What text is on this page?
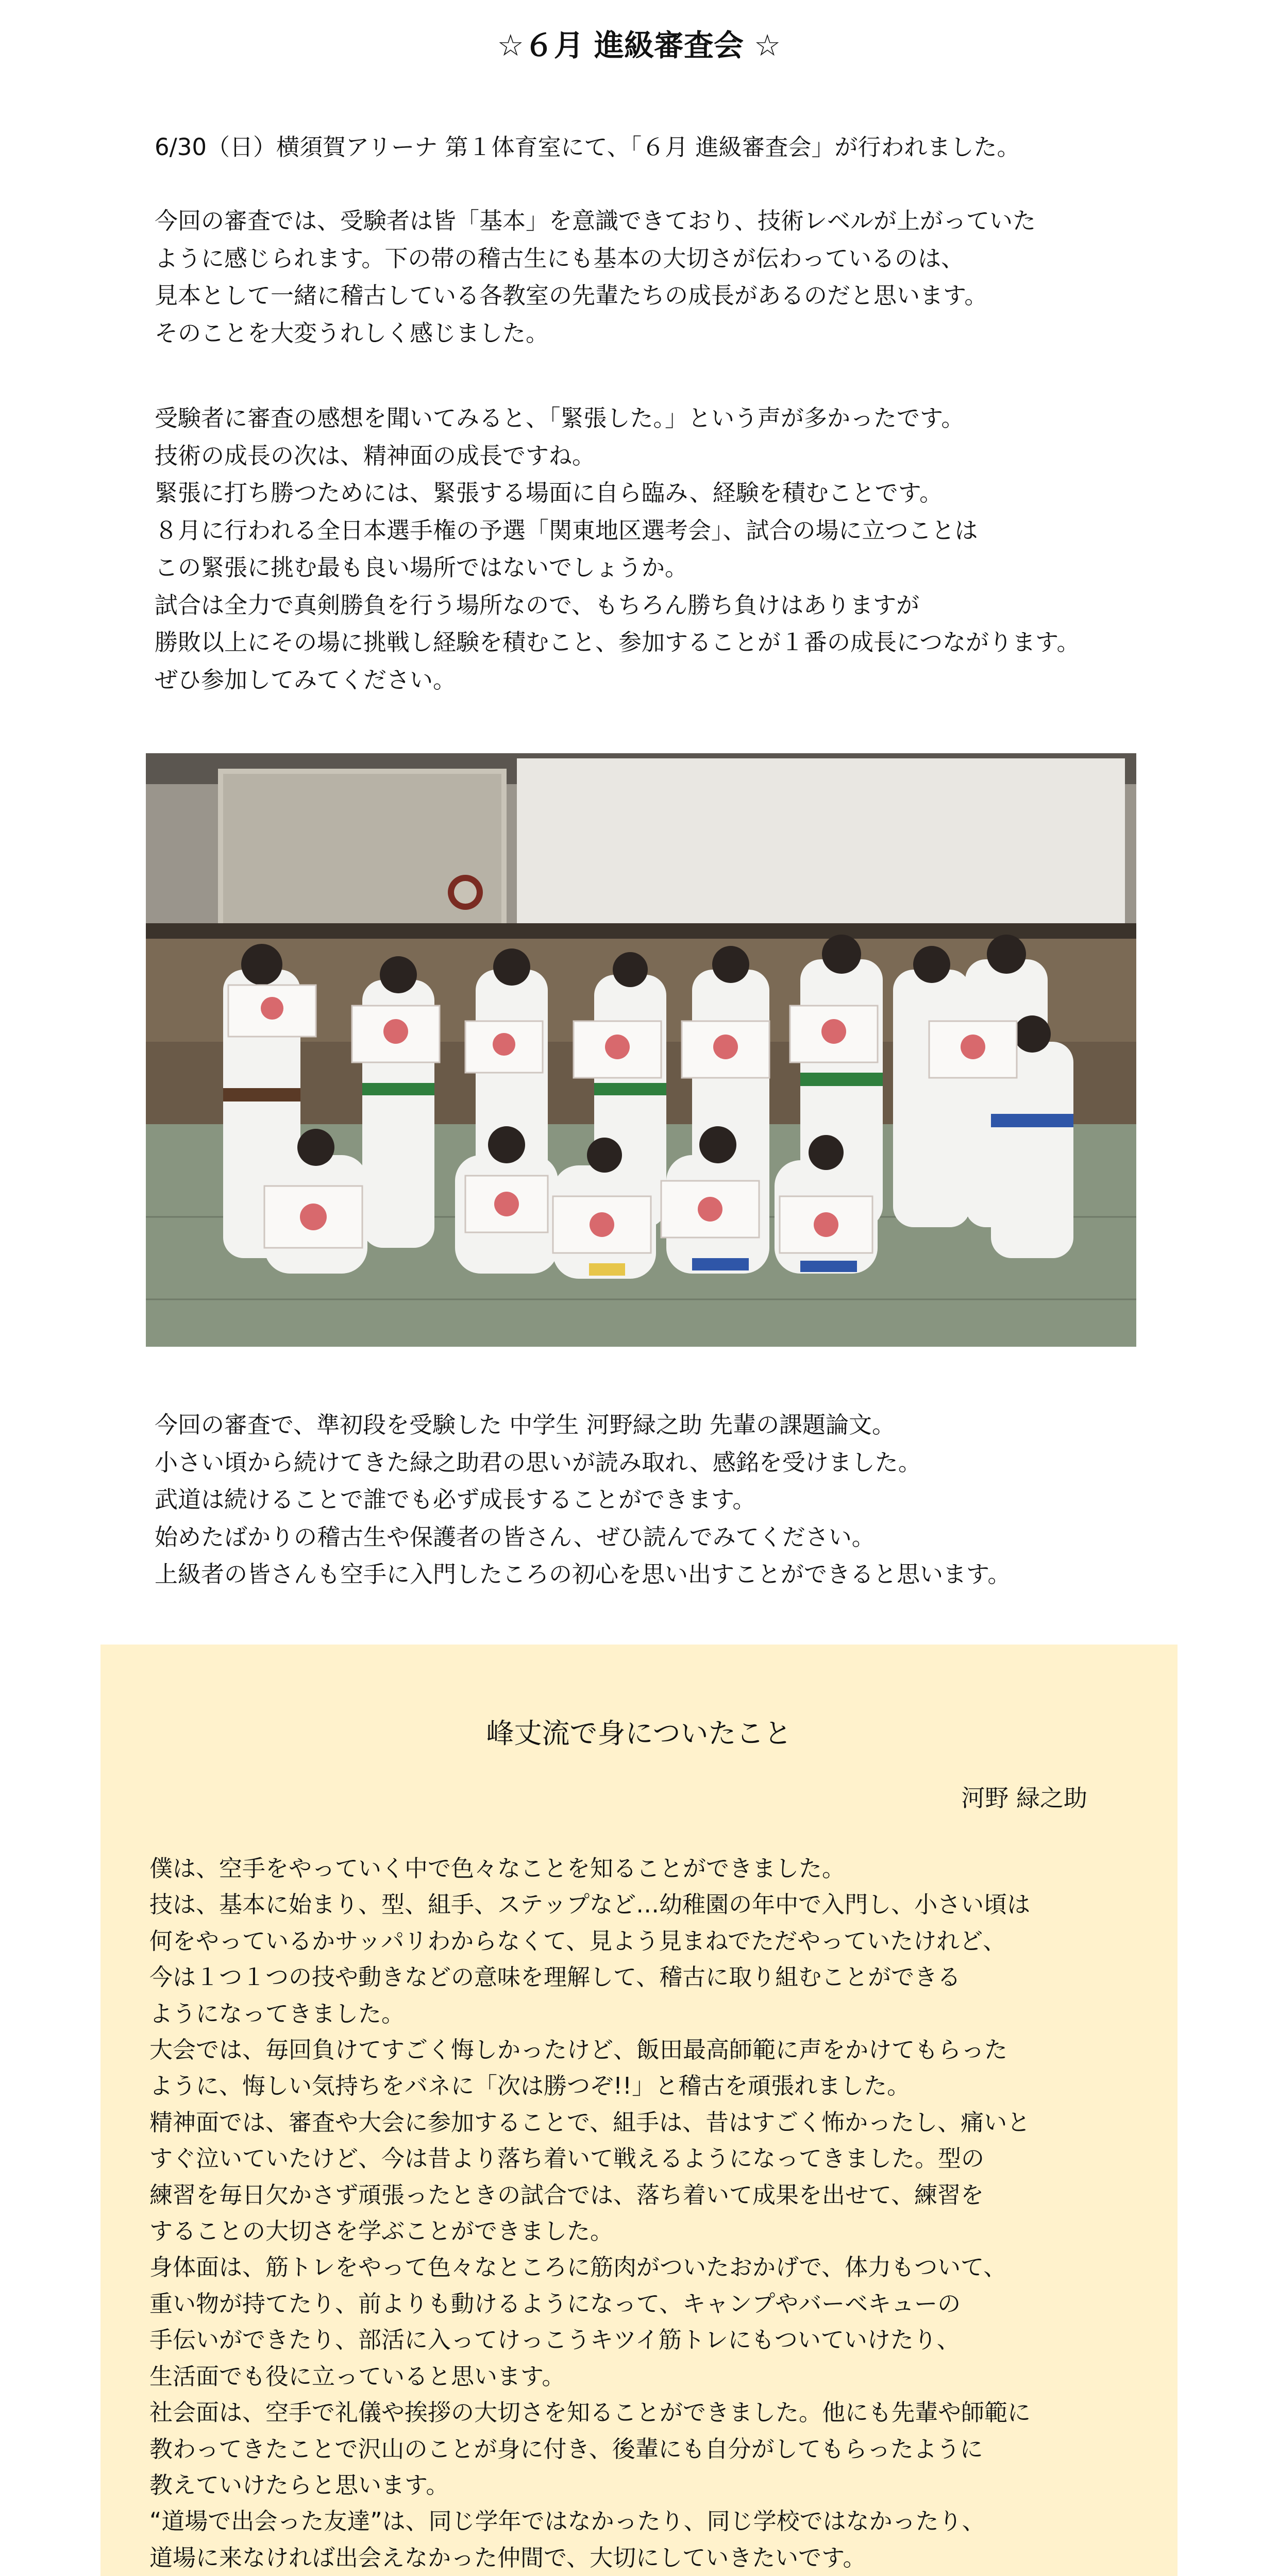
☆６月 進級審査会 ☆
6/30（日）横須賀アリーナ 第１体育室にて、「６月 進級審査会」が行われました。
今回の審査では、受験者は皆「基本」を意識できており、技術レベルが上がっていた
ように感じられます。下の帯の稽古生にも基本の大切さが伝わっているのは、
見本として一緒に稽古している各教室の先輩たちの成長があるのだと思います。
そのことを大変うれしく感じました。
受験者に審査の感想を聞いてみると、「緊張した。」という声が多かったです。
技術の成長の次は、精神面の成長ですね。
緊張に打ち勝つためには、緊張する場面に自ら臨み、経験を積むことです。
８月に行われる全日本選手権の予選「関東地区選考会」、試合の場に立つことは
この緊張に挑む最も良い場所ではないでしょうか。
試合は全力で真剣勝負を行う場所なので、もちろん勝ち負けはありますが
勝敗以上にその場に挑戦し経験を積むこと、参加することが１番の成長につながります。
ぜひ参加してみてください。
今回の審査で、準初段を受験した 中学生 河野緑之助 先輩の課題論文。
小さい頃から続けてきた緑之助君の思いが読み取れ、感銘を受けました。
武道は続けることで誰でも必ず成長することができます。
始めたばかりの稽古生や保護者の皆さん、ぜひ読んでみてください。
上級者の皆さんも空手に入門したころの初心を思い出すことができると思います。
峰丈流で身についたこと
河野 緑之助
僕は、空手をやっていく中で色々なことを知ることができました。
技は、基本に始まり、型、組手、ステップなど…幼稚園の年中で入門し、小さい頃は
何をやっているかサッパリわからなくて、見よう見まねでただやっていたけれど、
今は１つ１つの技や動きなどの意味を理解して、稽古に取り組むことができる
ようになってきました。
大会では、毎回負けてすごく悔しかったけど、飯田最高師範に声をかけてもらった
ように、悔しい気持ちをバネに「次は勝つぞ!!」と稽古を頑張れました。
精神面では、審査や大会に参加することで、組手は、昔はすごく怖かったし、痛いと
すぐ泣いていたけど、今は昔より落ち着いて戦えるようになってきました。型の
練習を毎日欠かさず頑張ったときの試合では、落ち着いて成果を出せて、練習を
することの大切さを学ぶことができました。
身体面は、筋トレをやって色々なところに筋肉がついたおかげで、体力もついて、
重い物が持てたり、前よりも動けるようになって、キャンプやバーベキューの
手伝いができたり、部活に入ってけっこうキツイ筋トレにもついていけたり、
生活面でも役に立っていると思います。
社会面は、空手で礼儀や挨拶の大切さを知ることができました。他にも先輩や師範に
教わってきたことで沢山のことが身に付き、後輩にも自分がしてもらったように
教えていけたらと思います。
“道場で出会った友達”は、同じ学年ではなかったり、同じ学校ではなかったり、
道場に来なければ出会えなかった仲間で、大切にしていきたいです。
